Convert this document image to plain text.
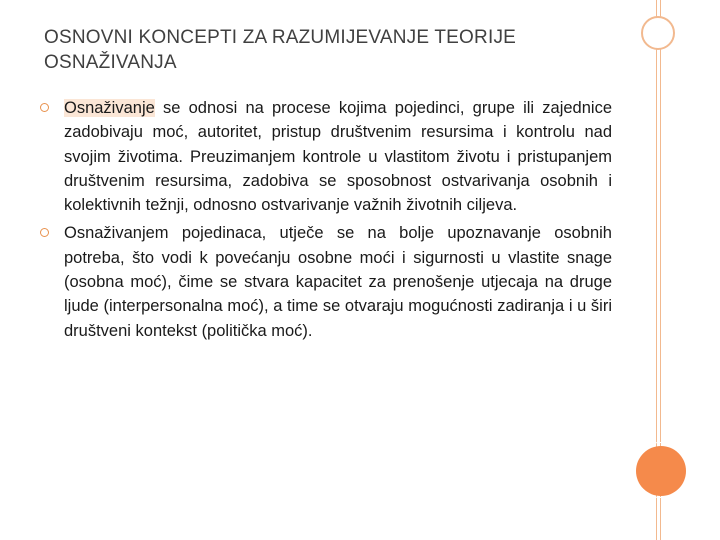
OSNOVNI KONCEPTI ZA RAZUMIJEVANJE TEORIJE
OSNAŽIVANJA
Osnaživanje se odnosi na procese kojima pojedinci, grupe ili zajednice zadobivaju moć, autoritet, pristup društvenim resursima i kontrolu nad svojim životima. Preuzimanjem kontrole u vlastitom životu i pristupanjem društvenim resursima, zadobiva se sposobnost ostvarivanja osobnih i kolektivnih težnji, odnosno ostvarivanje važnih životnih ciljeva.
Osnaživanjem pojedinaca, utječe se na bolje upoznavanje osobnih potreba, što vodi k povećanju osobne moći i sigurnosti u vlastite snage (osobna moć), čime se stvara kapacitet za prenošenje utjecaja na druge ljude (interpersonalna moć), a time se otvaraju mogućnosti zadiranja i u širi društveni kontekst (politička moć).
